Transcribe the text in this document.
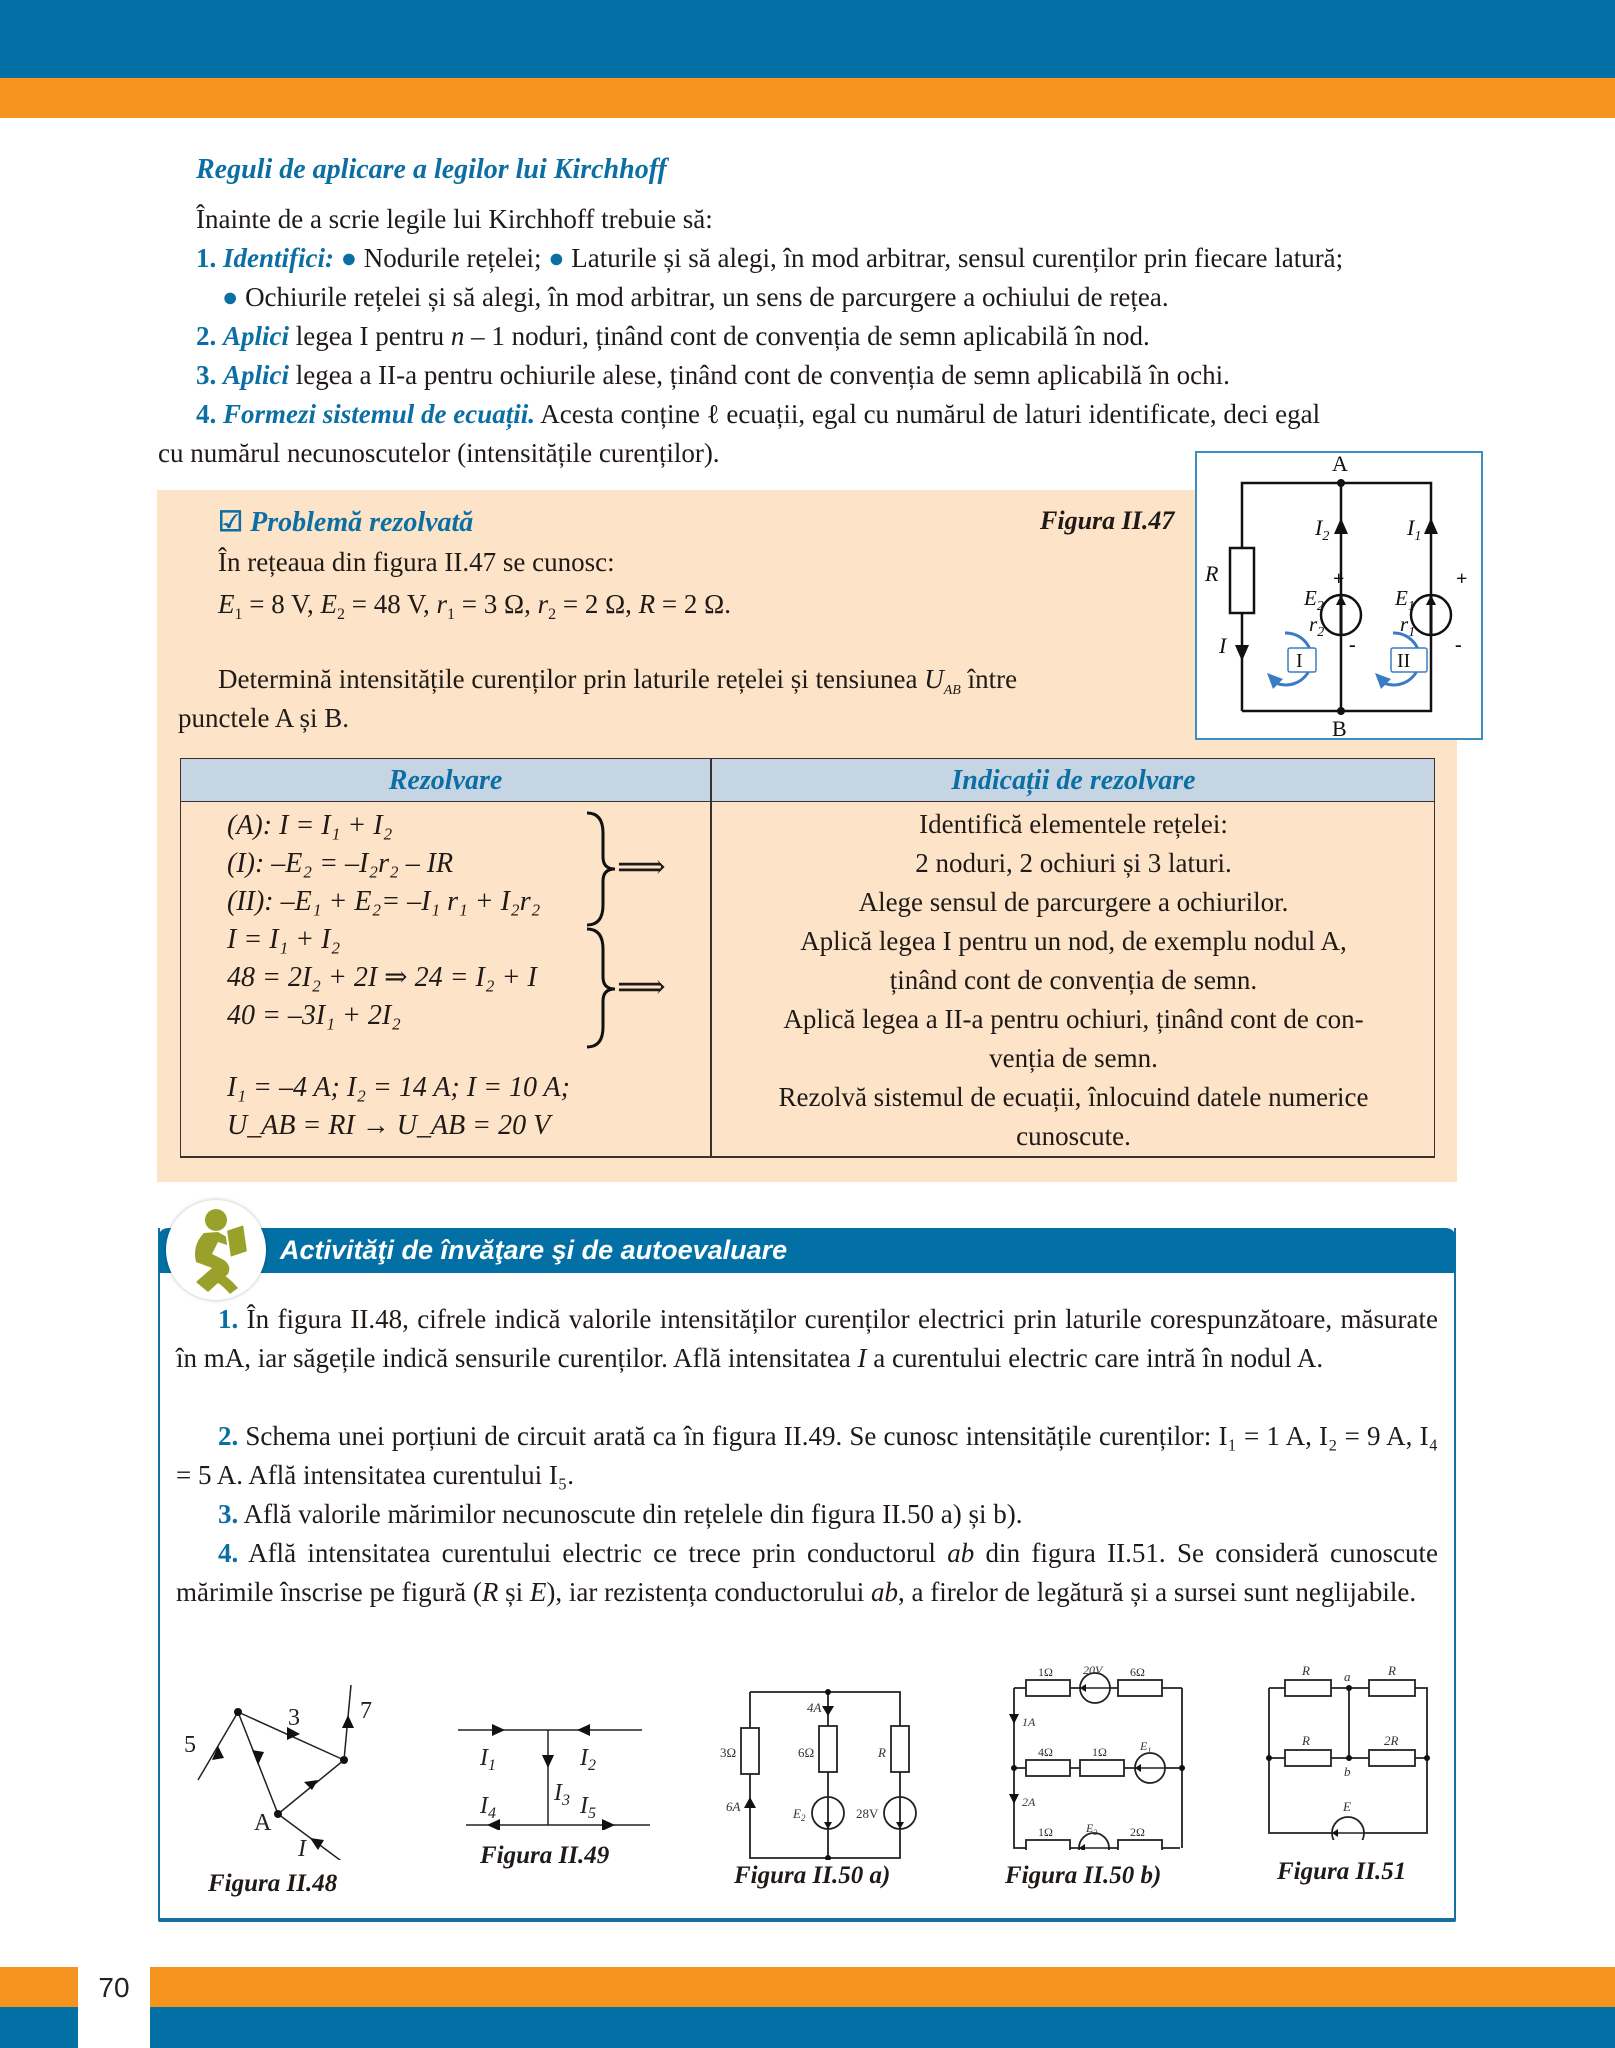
Reguli de aplicare a legilor lui Kirchhoff
Înainte de a scrie legile lui Kirchhoff trebuie să:
1. Identifici: ● Nodurile rețelei; ● Laturile și să alegi, în mod arbitrar, sensul curenților prin fiecare latură;
● Ochiurile rețelei și să alegi, în mod arbitrar, un sens de parcurgere a ochiului de rețea.
2. Aplici legea I pentru n – 1 noduri, ținând cont de convenția de semn aplicabilă în nod.
3. Aplici legea a II-a pentru ochiurile alese, ținând cont de convenția de semn aplicabilă în ochi.
4. Formezi sistemul de ecuații. Acesta conține ℓ ecuații, egal cu numărul de laturi identificate, deci egal
cu numărul necunoscutelor (intensitățile curenților).
☑ Problemă rezolvată	Figura II.47
În rețeaua din figura II.47 se cunosc:
$E_1 = 8$ V, $E_2 = 48$ V, $r_1 = 3$ Ω, $r_2 = 2$ Ω, R = 2 Ω.
Determină intensitățile curenților prin laturile rețelei și tensiunea $U_{AB}$ între
punctele A și B.
A
B
R
I
$I_2$	$I_1$
$E_2$
$r_2$
$E_1$
$r_1$
+	+
-	-
I	II
Rezolvare	Indicații de rezolvare
(A): I = I₁ + I₂
(I): –E₂ = –I₂r₂ – IR
(II): –E₁ + E₂= –I₁ r₁ + I₂r₂
I = I₁ + I₂
48 = 2I₂ + 2I ⇒ 24 = I₂ + I
40 = –3I₁ + 2I₂
⟹
⟹
I₁ = –4 A; I₂ = 14 A; I = 10 A;
U_AB = RI → U_AB = 20 V
Identifică elementele rețelei:
2 noduri, 2 ochiuri și 3 laturi.
Alege sensul de parcurgere a ochiurilor.
Aplică legea I pentru un nod, de exemplu nodul A,
ținând cont de convenția de semn.
Aplică legea a II-a pentru ochiuri, ținând cont de con-
venția de semn.
Rezolvă sistemul de ecuații, înlocuind datele numerice
cunoscute.
Activităţi de învăţare şi de autoevaluare
1. În figura II.48, cifrele indică valorile intensităților curenților electrici prin laturile corespunzătoare, măsurate în mA, iar săgețile indică sensurile curenților. Află intensitatea I a curentului electric care intră în nodul A.
2. Schema unei porțiuni de circuit arată ca în figura II.49. Se cunosc intensitățile curenților: I₁ = 1 A, I₂ = 9 A, I₄ = 5 A. Află intensitatea curentului I₅.
3. Află valorile mărimilor necunoscute din rețelele din figura II.50 a) și b).
4. Află intensitatea curentului electric ce trece prin conductorul ab din figura II.51. Se consideră cunoscute mărimile înscrise pe figură (R și E), iar rezistența conductorului ab, a firelor de legătură și a sursei sunt neglijabile.
5
3	7
A
I
Figura II.48
$I_1$	$I_2$
$I_3$
$I_4$	$I_5$
Figura II.49
3Ω
6A
4A
6Ω
$E_2$
R
28V
Figura II.50 a)
1Ω	20V 6Ω
1A
4Ω	1Ω	$E_1$
2A
1Ω	$E_2$	2Ω
Figura II.50 b)
R	a	R
R
b
2R
E
Figura II.51
70
